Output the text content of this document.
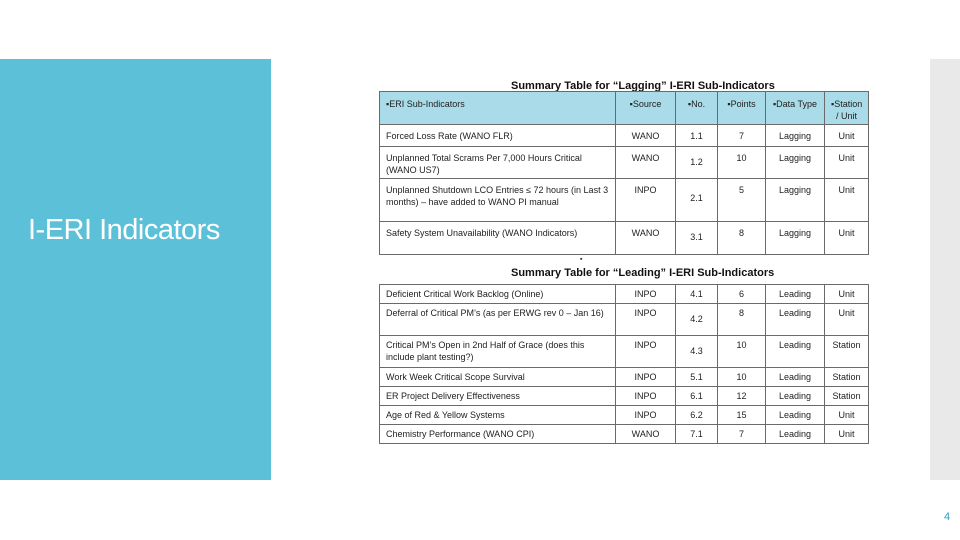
I-ERI Indicators
Summary Table for “Lagging” I-ERI Sub-Indicators
▪ERI Sub-Indicators	▪Source	▪No.	▪Points	▪Data Type	▪Station / Unit
Forced Loss Rate (WANO FLR)	WANO	1.1	7	Lagging	Unit
Unplanned Total Scrams Per 7,000 Hours Critical (WANO US7)	WANO	1.2	10	Lagging	Unit
Unplanned Shutdown LCO Entries ≤ 72 hours (in Last 3 months) – have added to WANO PI manual	INPO	2.1	5	Lagging	Unit
Safety System Unavailability (WANO Indicators)	WANO	3.1	8	Lagging	Unit
▪
Summary Table for “Leading” I-ERI Sub-Indicators
Deficient Critical Work Backlog (Online)	INPO	4.1	6	Leading	Unit
Deferral of Critical PM’s (as per ERWG rev 0 – Jan 16)	INPO	4.2	8	Leading	Unit
Critical PM’s Open in 2nd Half of Grace (does this include plant testing?)	INPO	4.3	10	Leading	Station
Work Week Critical Scope Survival	INPO	5.1	10	Leading	Station
ER Project Delivery Effectiveness	INPO	6.1	12	Leading	Station
Age of Red & Yellow Systems	INPO	6.2	15	Leading	Unit
Chemistry Performance (WANO CPI)	WANO	7.1	7	Leading	Unit
4
